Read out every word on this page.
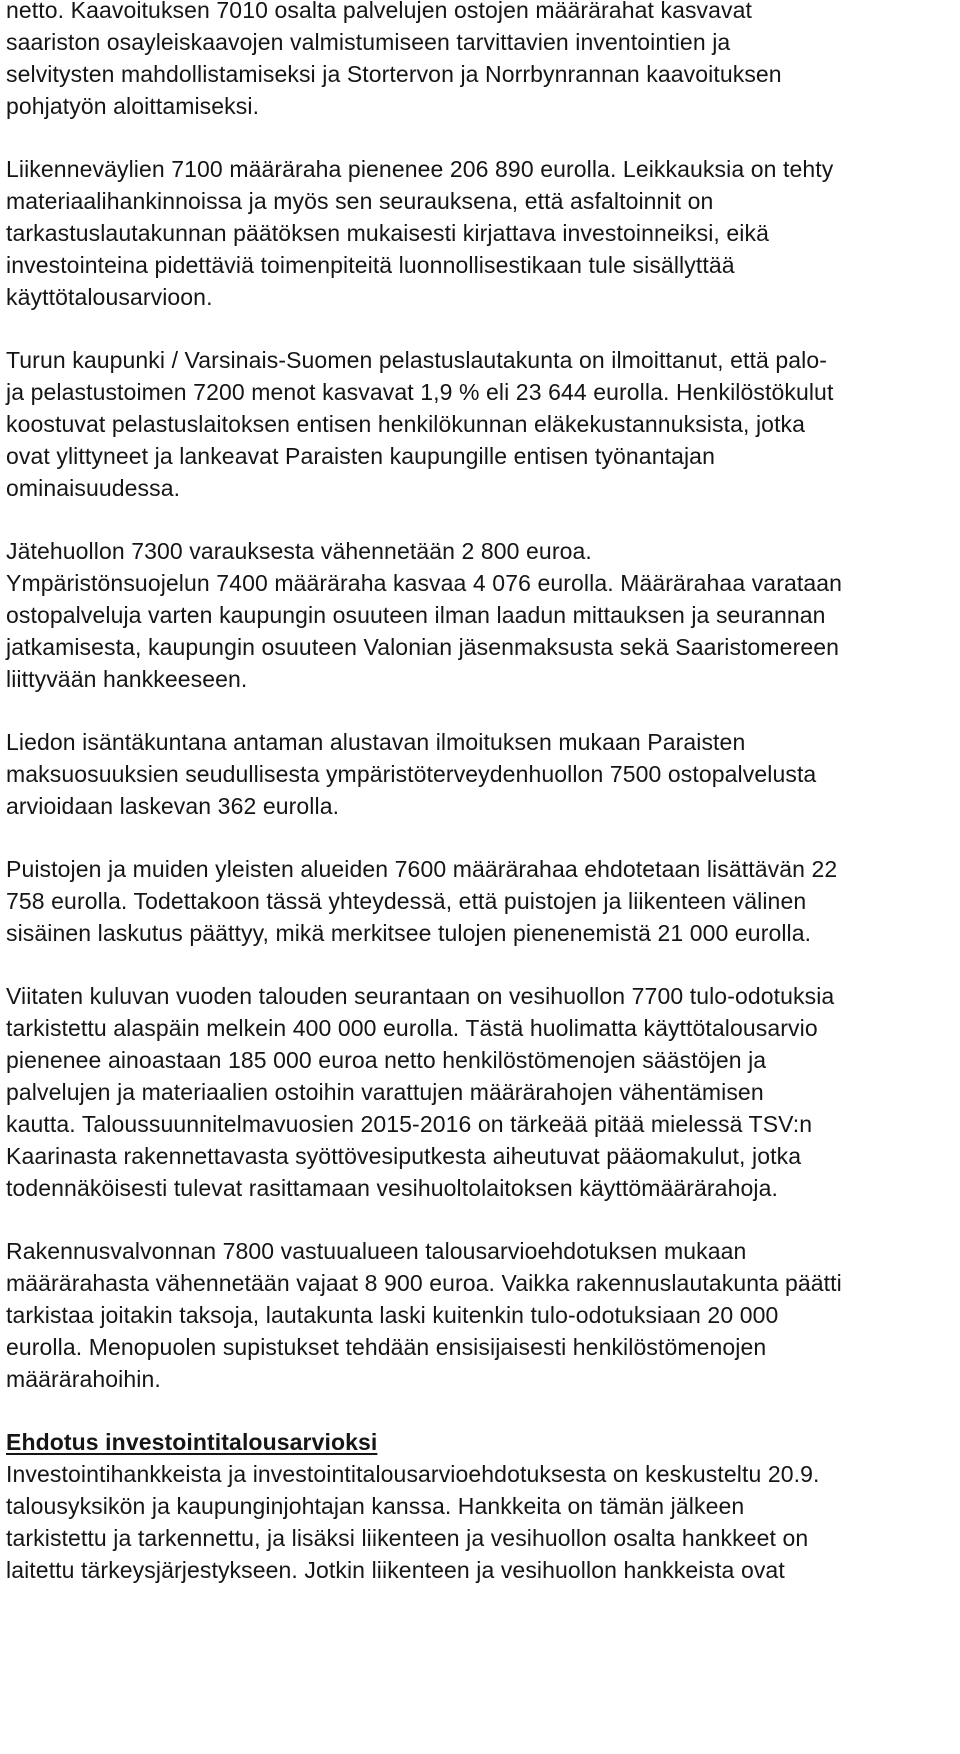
netto. Kaavoituksen 7010 osalta palvelujen ostojen määrärahat kasvavat

saariston osayleiskaavojen valmistumiseen tarvittavien inventointien ja

selvitysten mahdollistamiseksi ja Stortervon ja Norrbynrannan kaavoituksen

pohjatyön aloittamiseksi.

Liikenneväylien 7100 määräraha pienenee 206 890 eurolla. Leikkauksia on tehty

materiaalihankinnoissa ja myös sen seurauksena, että asfaltoinnit on

tarkastuslautakunnan päätöksen mukaisesti kirjattava investoinneiksi, eikä

investointeina pidettäviä toimenpiteitä luonnollisestikaan tule sisällyttää

käyttötalousarvioon.

Turun kaupunki / Varsinais-Suomen pelastuslautakunta on ilmoittanut, että palo-

ja pelastustoimen 7200 menot kasvavat 1,9 % eli 23 644 eurolla. Henkilöstökulut

koostuvat pelastuslaitoksen entisen henkilökunnan eläkekustannuksista, jotka

ovat ylittyneet ja lankeavat Paraisten kaupungille entisen työnantajan

ominaisuudessa.

Jätehuollon 7300 varauksesta vähennetään 2 800 euroa.

Ympäristönsuojelun 7400 määräraha kasvaa 4 076 eurolla. Määrärahaa varataan

ostopalveluja varten kaupungin osuuteen ilman laadun mittauksen ja seurannan

jatkamisesta, kaupungin osuuteen Valonian jäsenmaksusta sekä Saaristomereen

liittyvään hankkeeseen.

Liedon isäntäkuntana antaman alustavan ilmoituksen mukaan Paraisten

maksuosuuksien seudullisesta ympäristöterveydenhuollon 7500 ostopalvelusta

arvioidaan laskevan 362 eurolla.

Puistojen ja muiden yleisten alueiden 7600 määrärahaa ehdotetaan lisättävän 22

758 eurolla. Todettakoon tässä yhteydessä, että puistojen ja liikenteen välinen

sisäinen laskutus päättyy, mikä merkitsee tulojen pienenemistä 21 000 eurolla.

Viitaten kuluvan vuoden talouden seurantaan on vesihuollon 7700 tulo-odotuksia

tarkistettu alaspäin melkein 400 000 eurolla. Tästä huolimatta käyttötalousarvio

pienenee ainoastaan 185 000 euroa netto henkilöstömenojen säästöjen ja

palvelujen ja materiaalien ostoihin varattujen määrärahojen vähentämisen

kautta. Taloussuunnitelmavuosien 2015-2016 on tärkeää pitää mielessä TSV:n

Kaarinasta rakennettavasta syöttövesiputkesta aiheutuvat pääomakulut, jotka

todennäköisesti tulevat rasittamaan vesihuoltolaitoksen käyttömäärärahoja.

Rakennusvalvonnan 7800 vastuualueen talousarvioehdotuksen mukaan

määrärahasta vähennetään vajaat 8 900 euroa. Vaikka rakennuslautakunta päätti

tarkistaa joitakin taksoja, lautakunta laski kuitenkin tulo-odotuksiaan 20 000

eurolla. Menopuolen supistukset tehdään ensisijaisesti henkilöstömenojen

määrärahoihin.

Ehdotus investointitalousarvioksi

Investointihankkeista ja investointitalousarvioehdotuksesta on keskusteltu 20.9.

talousyksikön ja kaupunginjohtajan kanssa. Hankkeita on tämän jälkeen

tarkistettu ja tarkennettu, ja lisäksi liikenteen ja vesihuollon osalta hankkeet on

laitettu tärkeysjärjestykseen. Jotkin liikenteen ja vesihuollon hankkeista ovat
